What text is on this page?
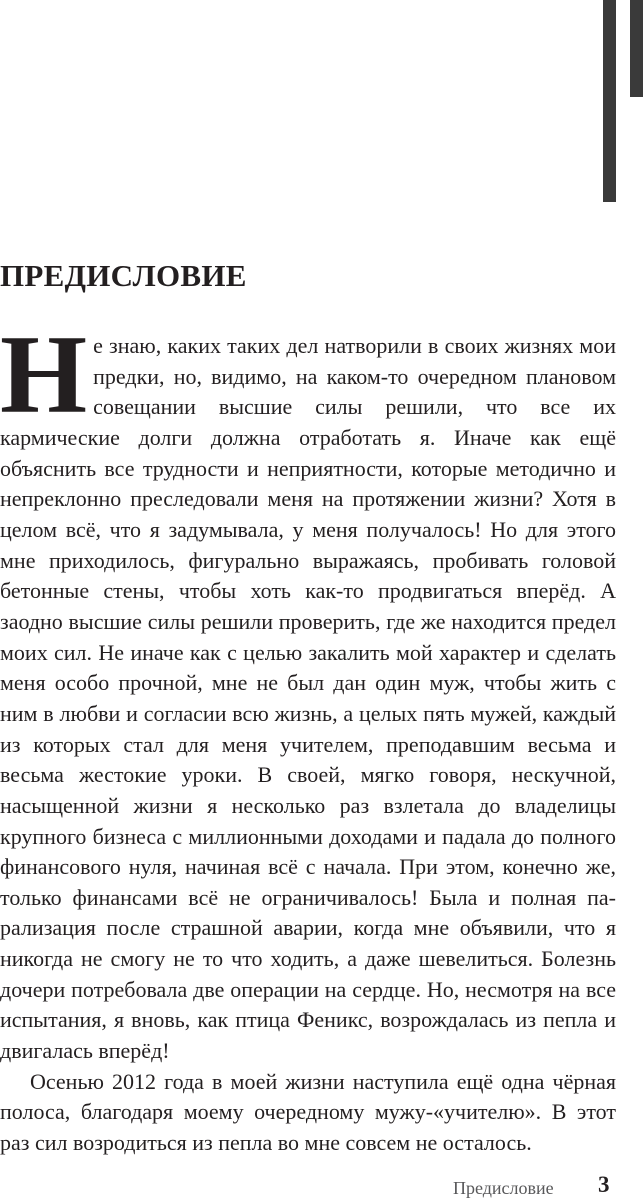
ПРЕДИСЛОВИЕ

Не знаю, каких таких дел натворили в своих жизнях мои предки, но, видимо, на каком-то очередном плановом совещании высшие силы решили, что все их кармические долги должна отработать я. Иначе как ещё объяснить все трудности и неприятности, которые методично и непреклонно преследовали меня на протяжении жизни? Хотя в целом всё, что я задумывала, у меня получалось! Но для этого мне приходилось, фигурально выражаясь, пробивать головой бетонные стены, чтобы хоть как-то продвигаться вперёд. А заодно высшие силы решили проверить, где же находится предел моих сил. Не иначе как с целью закалить мой характер и сделать меня особо прочной, мне не был дан один муж, чтобы жить с ним в любви и согласии всю жизнь, а целых пять мужей, каждый из которых стал для меня учителем, преподавшим весьма и весьма жестокие уроки. В своей, мягко говоря, нескучной, насыщенной жизни я несколько раз взлетала до владелицы крупного бизнеса с миллионными доходами и падала до полного финансового нуля, начиная всё с начала. При этом, конечно же, только финансами всё не ограничивалось! Была и полная парализация после страшной аварии, когда мне объявили, что я никогда не смогу не то что ходить, а даже шевелиться. Болезнь дочери потребовала две операции на сердце. Но, несмотря на все испытания, я вновь, как птица Феникс, возрождалась из пепла и двигалась вперёд!

Осенью 2012 года в моей жизни наступила ещё одна чёрная полоса, благодаря моему очередному мужу-«учителю». В этот раз сил возродиться из пепла во мне совсем не осталось.

Предисловие 3
